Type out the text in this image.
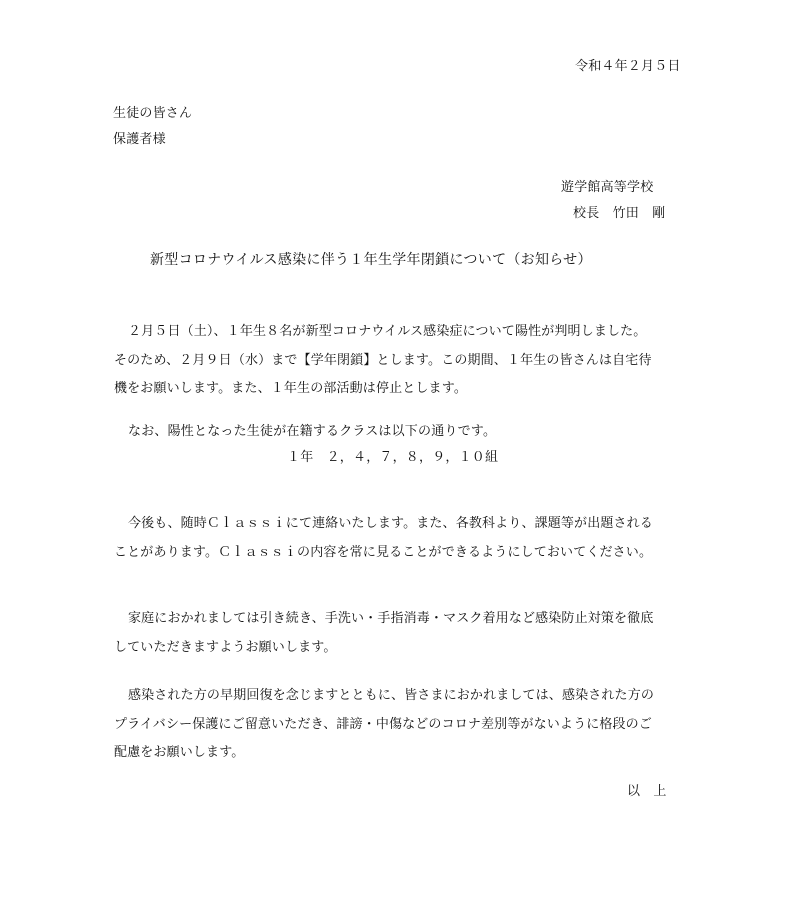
令和４年２月５日
生徒の皆さん
保護者様
遊学館高等学校
校長　竹田　剛
新型コロナウイルス感染に伴う１年生学年閉鎖について（お知らせ）
２月５日（土）、１年生８名が新型コロナウイルス感染症について陽性が判明しました。
そのため、２月９日（水）まで【学年閉鎖】とします。この期間、１年生の皆さんは自宅待
機をお願いします。また、１年生の部活動は停止とします。
なお、陽性となった生徒が在籍するクラスは以下の通りです。
１年　２，４，７，８，９，１０組
今後も、随時Ｃｌａｓｓｉにて連絡いたします。また、各教科より、課題等が出題される
ことがあります。Ｃｌａｓｓｉの内容を常に見ることができるようにしておいてください。
家庭におかれましては引き続き、手洗い・手指消毒・マスク着用など感染防止対策を徹底
していただきますようお願いします。
感染された方の早期回復を念じますとともに、皆さまにおかれましては、感染された方の
プライバシー保護にご留意いただき、誹謗・中傷などのコロナ差別等がないように格段のご
配慮をお願いします。
以　上
